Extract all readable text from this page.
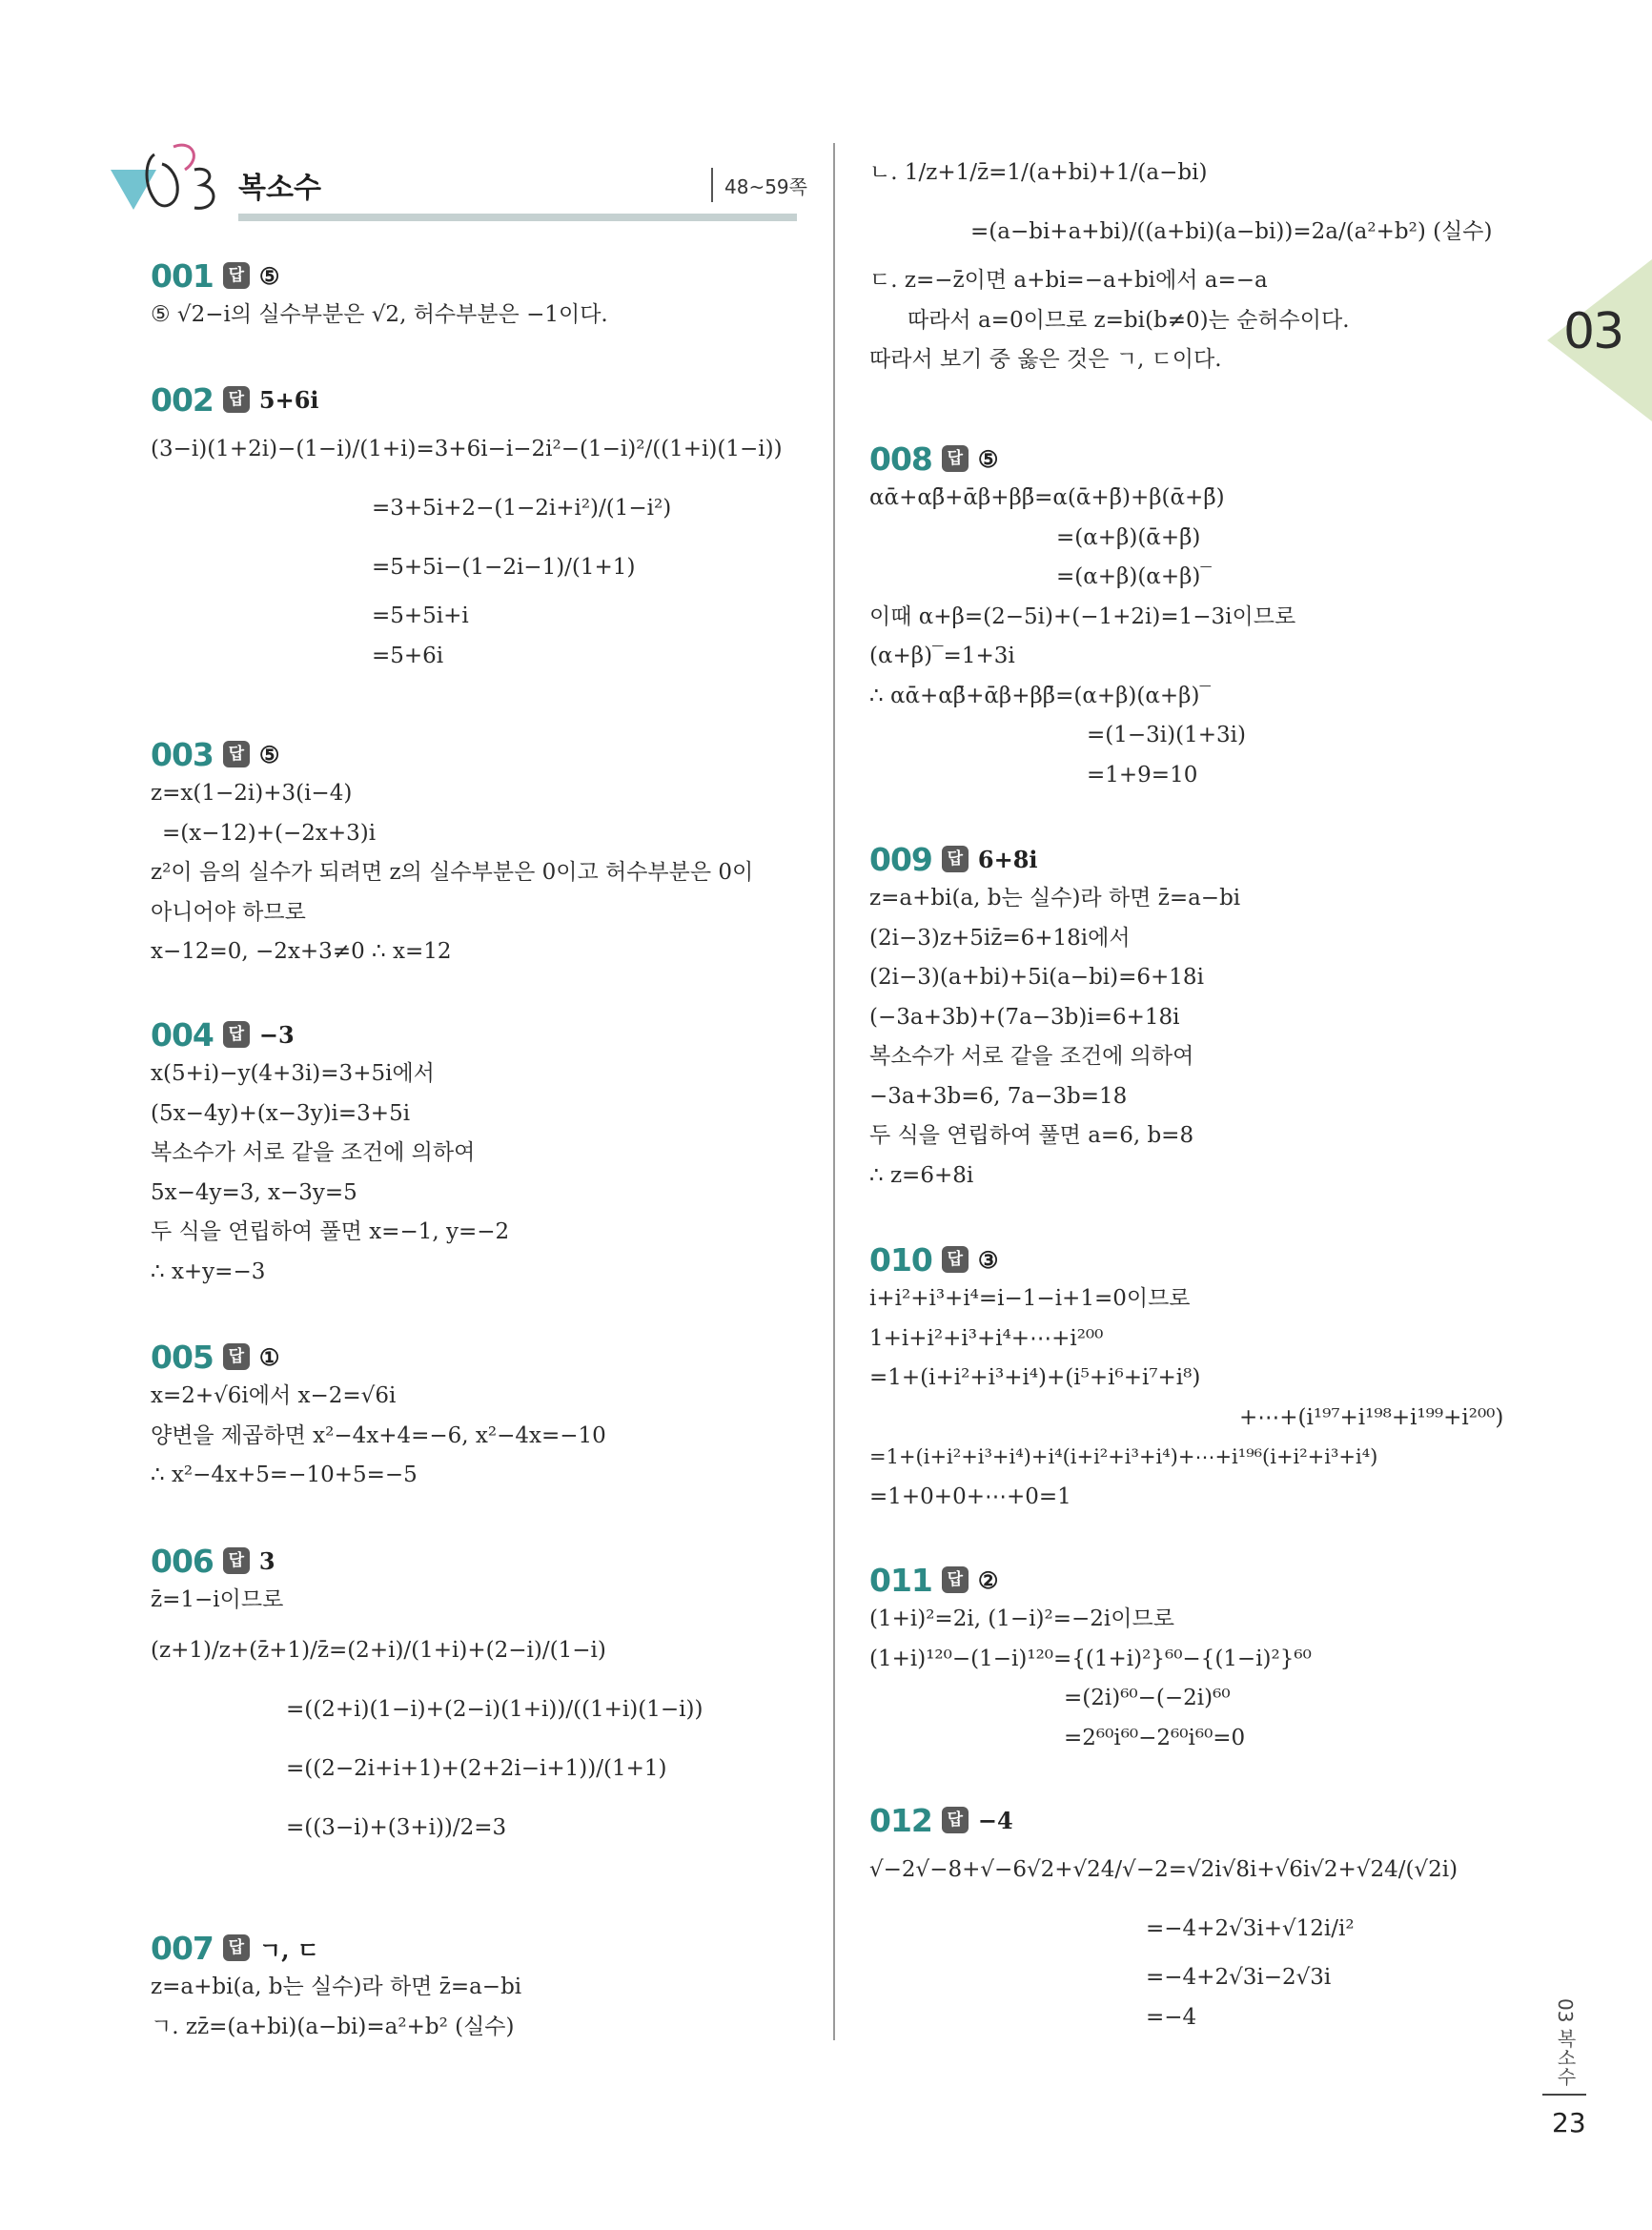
복소수	48~59쪽
03
001 답 ⑤
⑤ √2−i의 실수부분은 √2, 허수부분은 −1이다.
002 답 5+6i
(3−i)(1+2i)−(1−i)/(1+i)=3+6i−i−2i²−(1−i)²/((1+i)(1−i))
=3+5i+2−(1−2i+i²)/(1−i²)
=5+5i−(1−2i−1)/(1+1)
=5+5i+i
=5+6i
003 답 ⑤
z=x(1−2i)+3(i−4)
=(x−12)+(−2x+3)i
z²이 음의 실수가 되려면 z의 실수부분은 0이고 허수부분은 0이
아니어야 하므로
x−12=0, −2x+3≠0 ∴ x=12
004 답 −3
x(5+i)−y(4+3i)=3+5i에서
(5x−4y)+(x−3y)i=3+5i
복소수가 서로 같을 조건에 의하여
5x−4y=3, x−3y=5
두 식을 연립하여 풀면 x=−1, y=−2
∴ x+y=−3
005 답 ①
x=2+√6i에서 x−2=√6i
양변을 제곱하면 x²−4x+4=−6, x²−4x=−10
∴ x²−4x+5=−10+5=−5
006 답 3
z̄=1−i이므로
(z+1)/z+(z̄+1)/z̄=(2+i)/(1+i)+(2−i)/(1−i)
=((2+i)(1−i)+(2−i)(1+i))/((1+i)(1−i))
=((2−2i+i+1)+(2+2i−i+1))/(1+1)
=((3−i)+(3+i))/2=3
007 답 ㄱ, ㄷ
z=a+bi(a, b는 실수)라 하면 z̄=a−bi
ㄱ. zz̄=(a+bi)(a−bi)=a²+b² (실수)
ㄴ. 1/z+1/z̄=1/(a+bi)+1/(a−bi)
=(a−bi+a+bi)/((a+bi)(a−bi))=2a/(a²+b²) (실수)
ㄷ. z=−z̄이면 a+bi=−a+bi에서 a=−a
따라서 a=0이므로 z=bi(b≠0)는 순허수이다.
따라서 보기 중 옳은 것은 ㄱ, ㄷ이다.
008 답 ⑤
αᾱ+αβ̄+ᾱβ+ββ̄=α(ᾱ+β̄)+β(ᾱ+β̄)
=(α+β)(ᾱ+β̄)
=(α+β)(α+β)‾
이때 α+β=(2−5i)+(−1+2i)=1−3i이므로
(α+β)‾=1+3i
∴ αᾱ+αβ̄+ᾱβ+ββ̄=(α+β)(α+β)‾
=(1−3i)(1+3i)
=1+9=10
009 답 6+8i
z=a+bi(a, b는 실수)라 하면 z̄=a−bi
(2i−3)z+5iz̄=6+18i에서
(2i−3)(a+bi)+5i(a−bi)=6+18i
(−3a+3b)+(7a−3b)i=6+18i
복소수가 서로 같을 조건에 의하여
−3a+3b=6, 7a−3b=18
두 식을 연립하여 풀면 a=6, b=8
∴ z=6+8i
010 답 ③
i+i²+i³+i⁴=i−1−i+1=0이므로
1+i+i²+i³+i⁴+⋯+i²⁰⁰
=1+(i+i²+i³+i⁴)+(i⁵+i⁶+i⁷+i⁸)
+⋯+(i¹⁹⁷+i¹⁹⁸+i¹⁹⁹+i²⁰⁰)
=1+(i+i²+i³+i⁴)+i⁴(i+i²+i³+i⁴)+⋯+i¹⁹⁶(i+i²+i³+i⁴)
=1+0+0+⋯+0=1
011 답 ②
(1+i)²=2i, (1−i)²=−2i이므로
(1+i)¹²⁰−(1−i)¹²⁰={(1+i)²}⁶⁰−{(1−i)²}⁶⁰
=(2i)⁶⁰−(−2i)⁶⁰
=2⁶⁰i⁶⁰−2⁶⁰i⁶⁰=0
012 답 −4
√−2√−8+√−6√2+√24/√−2=√2i√8i+√6i√2+√24/(√2i)
=−4+2√3i+√12i/i²
=−4+2√3i−2√3i
=−4	03 복소수
23
